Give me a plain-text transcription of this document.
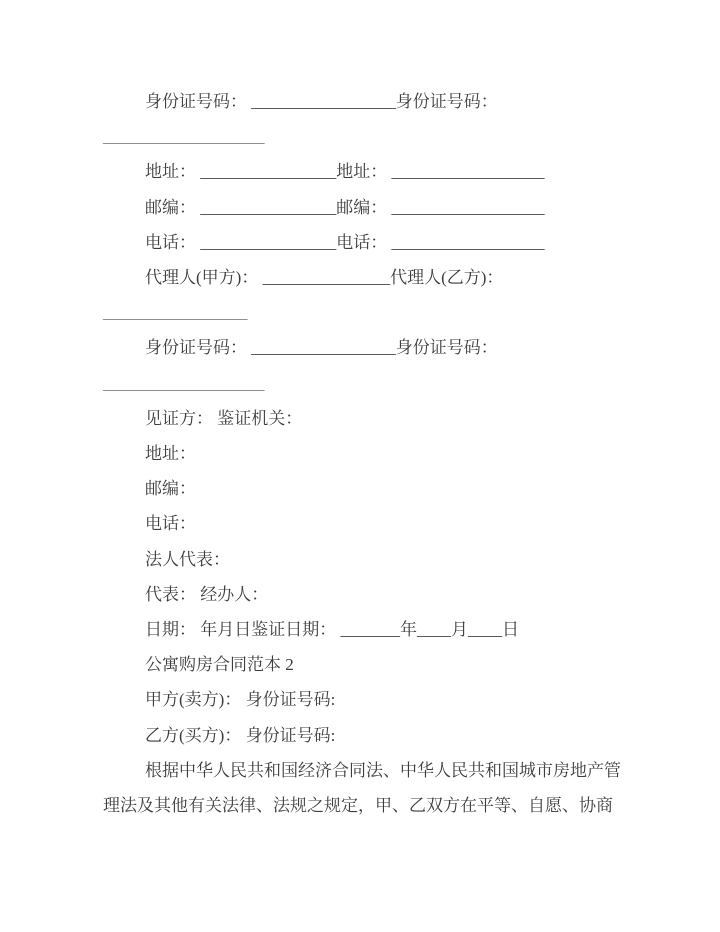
身份证号码： _________________身份证号码：
___________________
地址： ________________地址： __________________
邮编： ________________邮编： __________________
电话： ________________电话： __________________
代理人(甲方)： _______________代理人(乙方)：
_________________
身份证号码： _________________身份证号码：
___________________
见证方： 鉴证机关：
地址：
邮编：
电话：
法人代表：
代表： 经办人：
日期： 年月日鉴证日期： _______年____月____日
公寓购房合同范本 2
甲方(卖方)： 身份证号码:
乙方(买方)： 身份证号码:
根据中华人民共和国经济合同法、中华人民共和国城市房地产管
理法及其他有关法律、法规之规定，甲、乙双方在平等、自愿、协商
